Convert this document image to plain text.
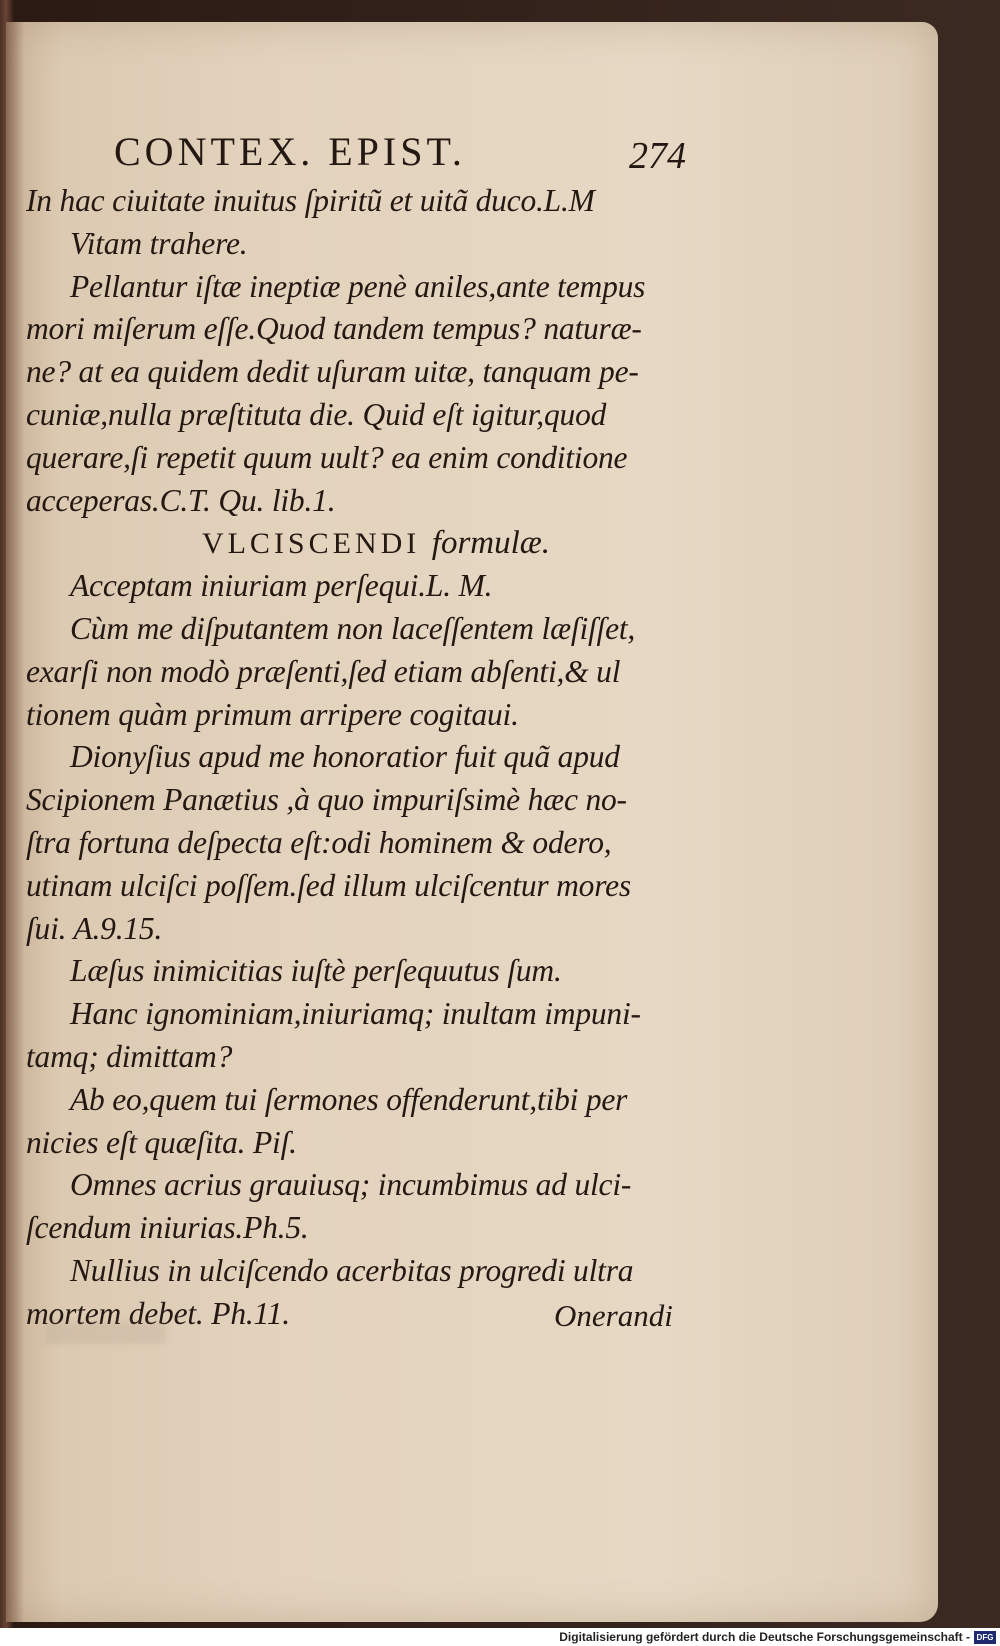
CONTEX. EPIST.	274
In hac ciuitate inuitus ſpiritũ et uitã duco.L.M
Vitam trahere.
Pellantur iſtæ ineptiæ penè aniles,ante tempus
mori miſerum eſſe.Quod tandem tempus? naturæ-
ne? at ea quidem dedit uſuram uitæ, tanquam pe-
cuniæ,nulla præſtituta die. Quid eſt igitur,quod
querare,ſi repetit quum uult? ea enim conditione
acceperas.C.T. Qu. lib.1.
VLCISCENDI formulæ.
Acceptam iniuriam perſequi.L. M.
Cùm me diſputantem non laceſſentem læſiſſet,
exarſi non modò præſenti,ſed etiam abſenti,& ul
tionem quàm primum arripere cogitaui.
Dionyſius apud me honoratior fuit quã apud
Scipionem Panætius ,à quo impuriſsimè hæc no-
ſtra fortuna deſpecta eſt:odi hominem & odero,
utinam ulciſci poſſem.ſed illum ulciſcentur mores
ſui. A.9.15.
Læſus inimicitias iuſtè perſequutus ſum.
Hanc ignominiam,iniuriamq; inultam impuni-
tamq; dimittam?
Ab eo,quem tui ſermones offenderunt,tibi per
nicies eſt quæſita. Piſ.
Omnes acrius grauiusq; incumbimus ad ulci-
ſcendum iniurias.Ph.5.
Nullius in ulciſcendo acerbitas progredi ultra
mortem debet. Ph.11.	Onerandi
Digitalisierung gefördert durch die Deutsche Forschungsgemeinschaft - DFG
